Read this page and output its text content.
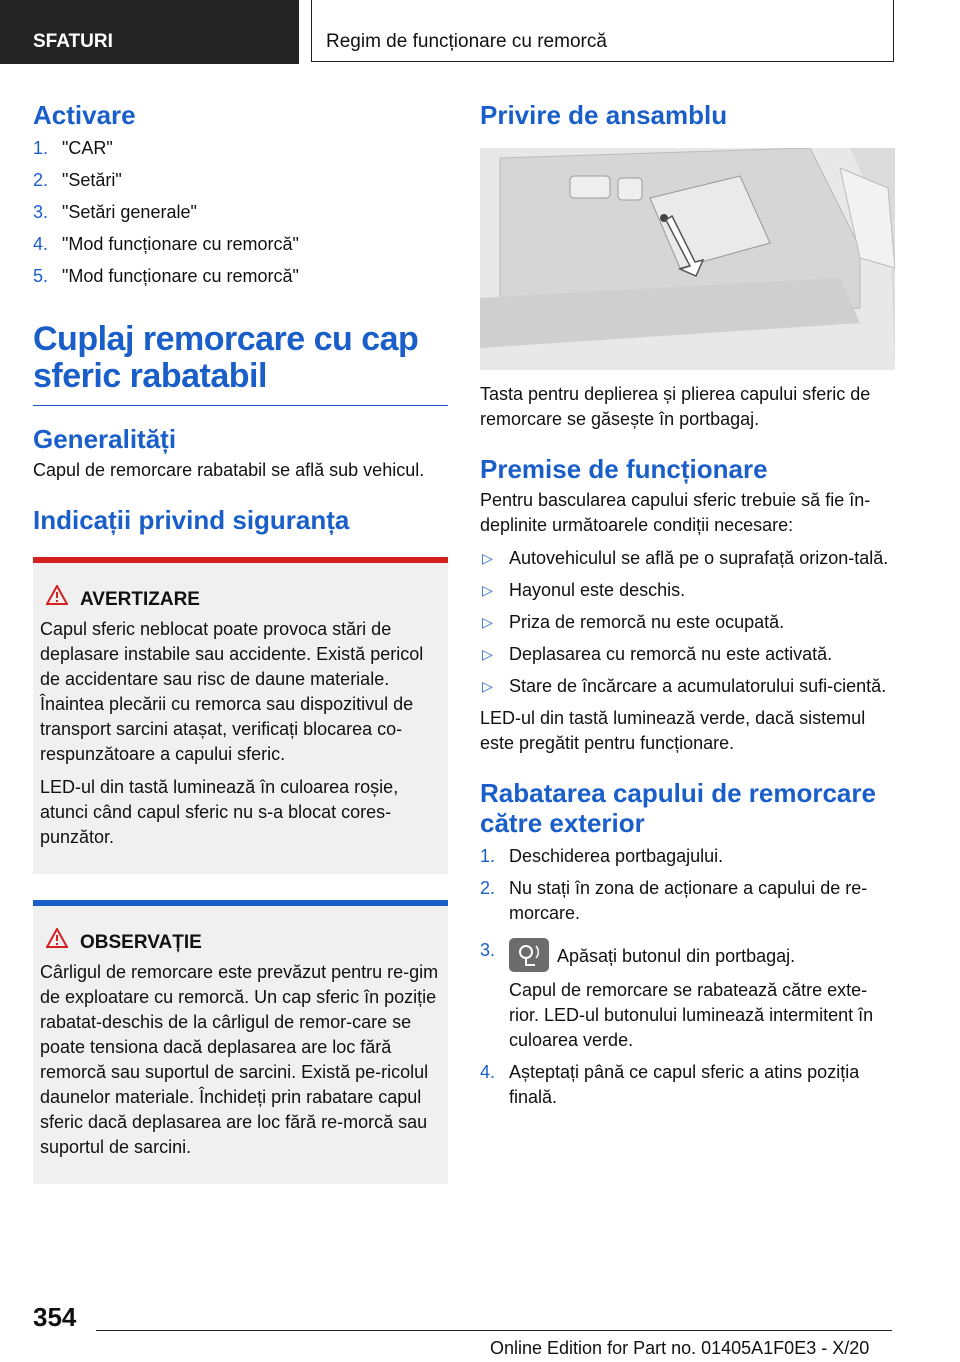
SFATURI	Regim de funcționare cu remorcă
Activare
1. "CAR"
2. "Setări"
3. "Setări generale"
4. "Mod funcționare cu remorcă"
5. "Mod funcționare cu remorcă"
Cuplaj remorcare cu cap sferic rabatabil
Generalități

Capul de remorcare rabatabil se află sub vehicul.

Indicații privind siguranța
AVERTIZARE

Capul sferic neblocat poate provoca stări de deplasare instabile sau accidente. Există pericol de accidentare sau risc de daune materiale. Înaintea plecării cu remorca sau dispozitivul de transport sarcini atașat, verificați blocarea co-respunzătoare a capului sferic.

LED-ul din tastă luminează în culoarea roșie, atunci când capul sferic nu s-a blocat cores-punzător.

OBSERVAȚIE

Cârligul de remorcare este prevăzut pentru re-gim de exploatare cu remorcă. Un cap sferic în poziție rabatat-deschis de la cârligul de remor-care se poate tensiona dacă deplasarea are loc fără remorcă sau suportul de sarcini. Există pe-ricolul daunelor materiale. Închideți prin rabatare capul sferic dacă deplasarea are loc fără re-morcă sau suportul de sarcini.

Privire de ansamblu

Tasta pentru deplierea și plierea capului sferic de remorcare se găsește în portbagaj.

Premise de funcționare

Pentru bascularea capului sferic trebuie să fie în-deplinite următoarele condiții necesare:

▷ Autovehiculul se află pe o suprafață orizon-tală.
▷ Hayonul este deschis.
▷ Priza de remorcă nu este ocupată.
▷ Deplasarea cu remorcă nu este activată.
▷ Stare de încărcare a acumulatorului sufi-cientă.

LED-ul din tastă luminează verde, dacă sistemul este pregătit pentru funcționare.

Rabatarea capului de remorcare către exterior
1. Deschiderea portbagajului.
2. Nu stați în zona de acționare a capului de re-morcare.
3.	Apăsați butonul din portbagaj.
Capul de remorcare se rabatează către exte-rior. LED-ul butonului luminează intermitent în culoarea verde.
4. Așteptați până ce capul sferic a atins poziția finală.
354
Online Edition for Part no. 01405A1F0E3 - X/20
